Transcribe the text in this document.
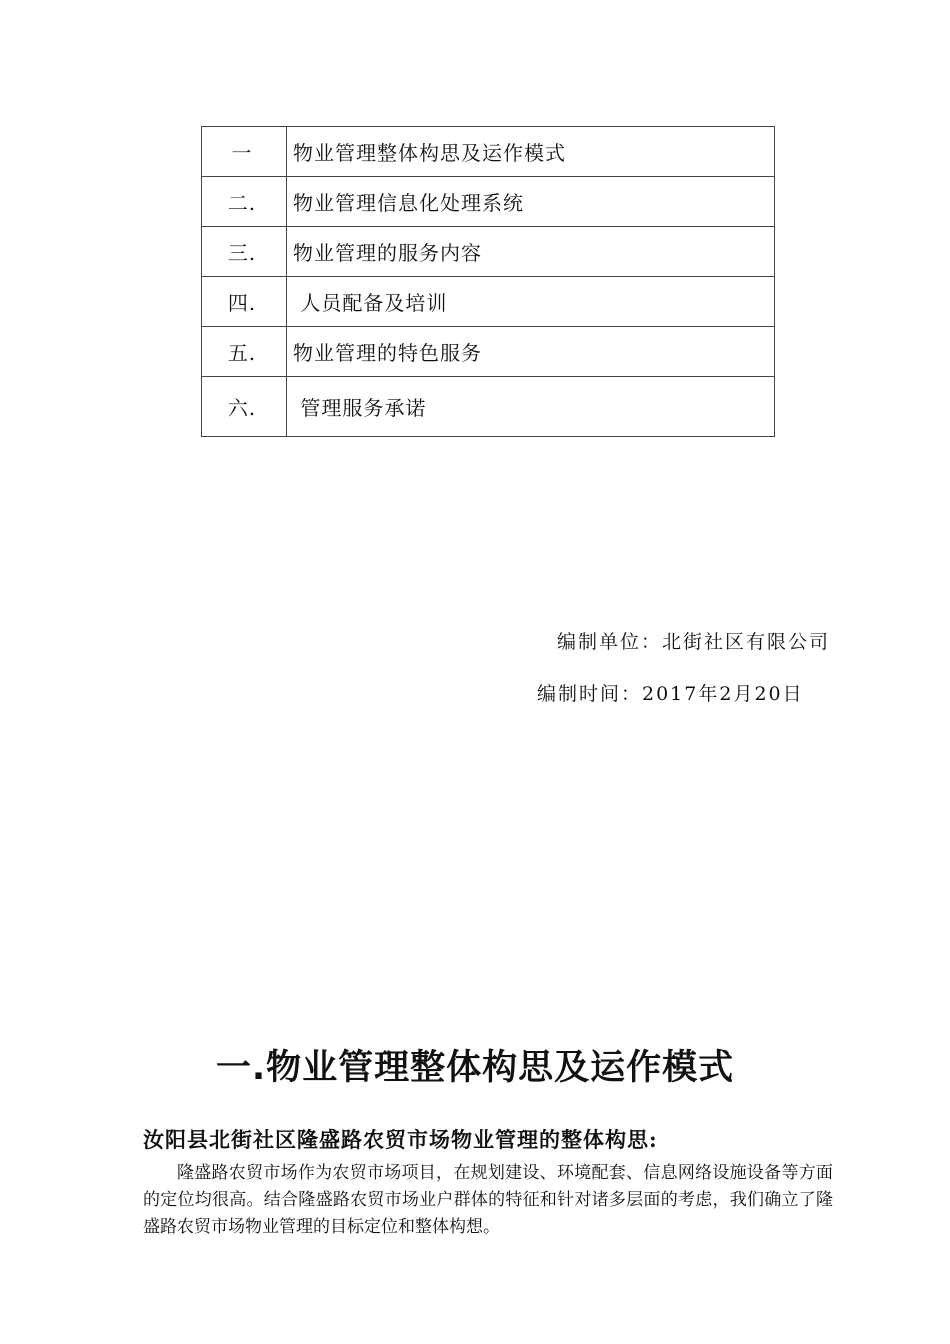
一	物业管理整体构思及运作模式
二.	物业管理信息化处理系统
三.	物业管理的服务内容
四.	人员配备及培训
五.	物业管理的特色服务
六.	管理服务承诺
编制单位：北街社区有限公司
编制时间：2017年2月20日
一.物业管理整体构思及运作模式
汝阳县北街社区隆盛路农贸市场物业管理的整体构思:

隆盛路农贸市场作为农贸市场项目，在规划建设、环境配套、信息网络设施设备等方面的定位均很高。结合隆盛路农贸市场业户群体的特征和针对诸多层面的考虑，我们确立了隆盛路农贸市场物业管理的目标定位和整体构想。
